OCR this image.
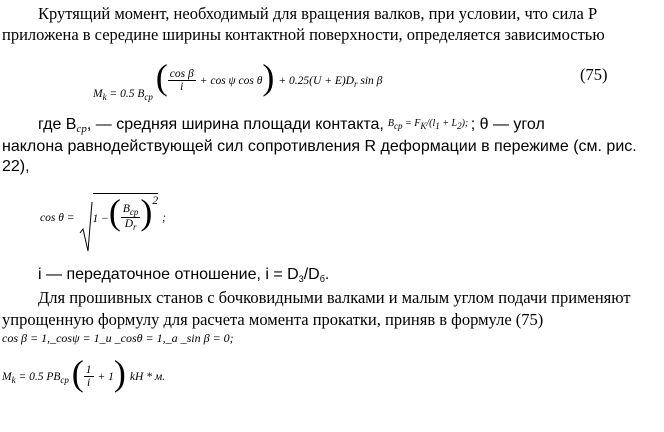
Крутящий момент, необходимый для вращения валков, при условии, что сила Р
приложена в середине ширины контактной поверхности, определяется зависимостью
$_{M_k = 0.5 B_{cp}}$ ( $\frac{\text{cos β}}{i} + \cos \psi$ $\cos \theta) + 0.25(U + E)D_r$ sin β	(75)
где $B_{ср}$, — средняя ширина площади контакта, Bcp = FK/(l1 + L2); ; θ — угол
наклона равнодействующей сил сопротивления R деформации в пережиме (см. рис.
22),
$^{cos \theta =}$ $^{1 -}( \frac{B_{cp}}{D_r} )^2$ ;
i — передаточное отношение, $i = D_3/D_б$.
Для прошивных станов с бочковидными валками и малым углом подачи применяют
упрощенную формулу для расчета момента прокатки, приняв в формуле (75)
cos β = 1,_cosψ = 1_u _cosθ = 1,_a _sin β = 0;
$M_k = 0.5$ $PB_{cp}$ ( $\frac{1}{i} + 1$) kH * м.
